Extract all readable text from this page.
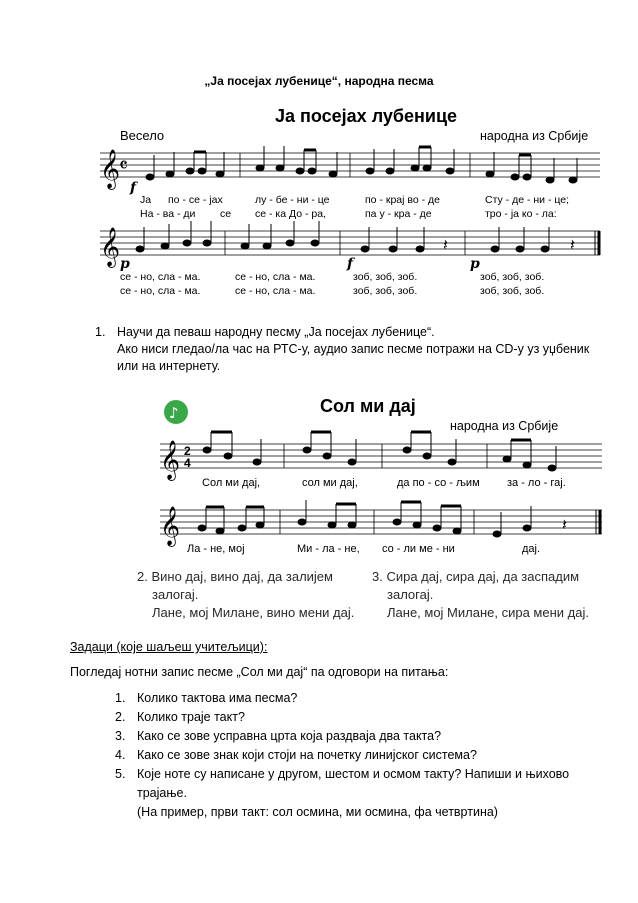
„Ја посејах лубенице“, народна песма
Ја посејах лубенице
Весело	народна из Србије
𝄞
𝄴
f
Ја по - се - јах	лу - бе - ни - це	по - крај во - де	Сту - де - ни - це;
На - ва - ди се се - ка До - ра,	па у - кра - де	тро - ја ко - ла:
𝄞	𝄽	𝄽
p	f	p
се - но, сла - ма.	се - но, сла - ма.	зоб, зоб, зоб.	зоб, зоб, зоб.
се - но, сла - ма.	се - но, сла - ма.	зоб, зоб, зоб.	зоб, зоб, зоб.
1. Научи да певаш народну песму „Ја посејах лубенице“.
Ако ниси гледао/ла час на РТС-у, аудио запис песме потражи на CD-у уз уџбеник
или на интернету.
♪	Сол ми дај
народна из Србије
𝄞 2
4
Сол ми дај,	сол ми дај,	да по - со - љим за - ло - гај.
𝄞	𝄽
Ла - не, мој	Ми - ла - не, со - ли ме - ни	дај.
2. Вино дај, вино дај, да залијем
залогај.
Лане, мој Милане, вино мени дај.
3. Сира дај, сира дај, да заспадим
залогај.
Лане, мој Милане, сира мени дај.
Задаци (које шаљеш учитељици):
Погледај нотни запис песме „Сол ми дај“ па одговори на питања:
1. Колико тактова има песма?
2. Колико траје такт?
3. Како се зове усправна црта која раздваја два такта?
4. Како се зове знак који стоји на почетку линијског система?
5. Које ноте су написане у другом, шестом и осмом такту? Напиши и њихово
трајање.
(На пример, први такт: сол осмина, ми осмина, фа четвртина)
